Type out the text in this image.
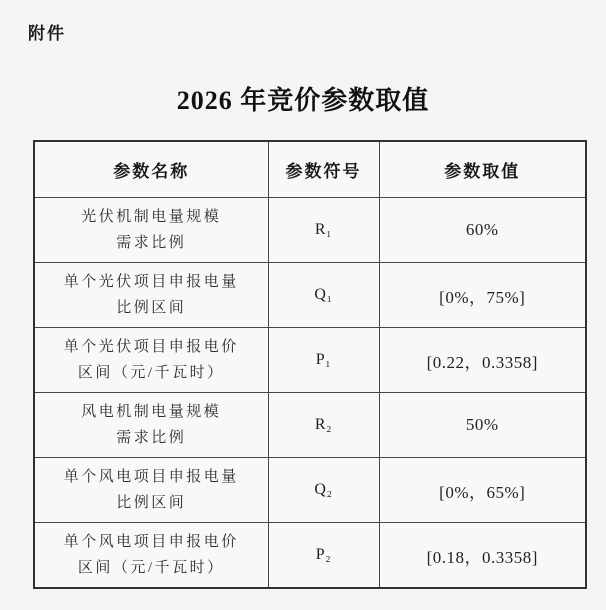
附件
2026 年竞价参数取值
参数名称	参数符号	参数取值

光伏机制电量规模
需求比例	R₁	60%

单个光伏项目申报电量
比例区间	Q₁	[0%，75%]

单个光伏项目申报电价
区间（元/千瓦时）	P₁	[0.22，0.3358]

风电机制电量规模
需求比例	R₂	50%

单个风电项目申报电量
比例区间	Q₂	[0%，65%]

单个风电项目申报电价
区间（元/千瓦时）	P₂	[0.18，0.3358]
